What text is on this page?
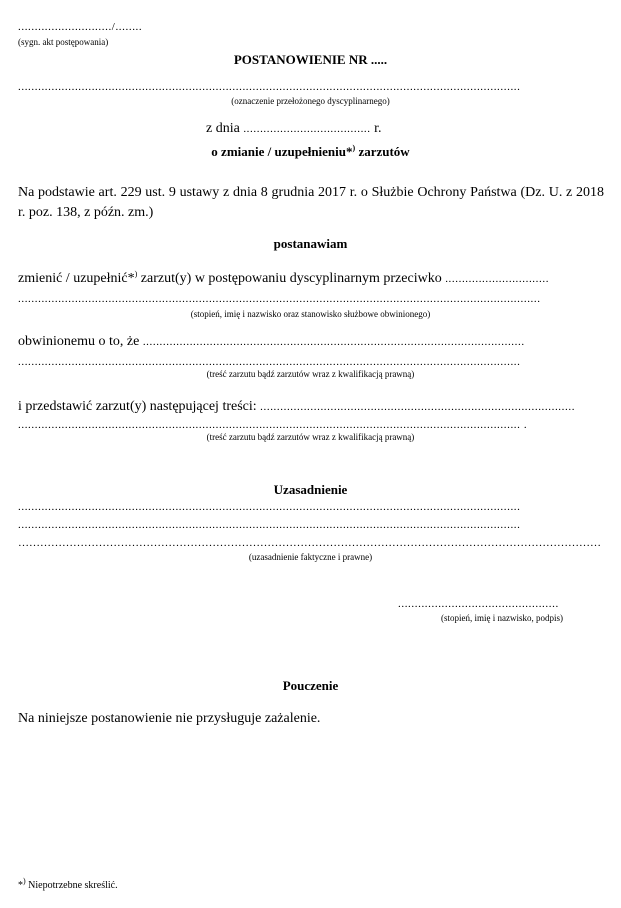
............................/........
(sygn. akt postępowania)
POSTANOWIENIE NR .....
......................................................................................................................................................
(oznaczenie przełożonego dyscyplinarnego)
z dnia ...................................... r.
o zmianie / uzupełnieniu*) zarzutów
Na podstawie art. 229 ust. 9 ustawy z dnia 8 grudnia 2017 r. o Służbie Ochrony Państwa (Dz. U. z 2018 r. poz. 138, z późn. zm.)
postanawiam
zmienić / uzupełnić*) zarzut(y) w postępowaniu dyscyplinarnym przeciwko ...............................
............................................................................................................................................................
(stopień, imię i nazwisko oraz stanowisko służbowe obwinionego)
obwinionemu o to, że ..................................................................................................................
......................................................................................................................................................
(treść zarzutu bądź zarzutów wraz z kwalifikacją prawną)
i przedstawić zarzut(y) następującej treści: ..............................................................................................
...................................................................................................................................................... .
(treść zarzutu bądź zarzutów wraz z kwalifikacją prawną)
Uzasadnienie
......................................................................................................................................................
......................................................................................................................................................
……………………………………………………………………………………………………………………………………………
(uzasadnienie faktyczne i prawne)
................................................
(stopień, imię i nazwisko, podpis)
Pouczenie
Na niniejsze postanowienie nie przysługuje zażalenie.
*) Niepotrzebne skreślić.
